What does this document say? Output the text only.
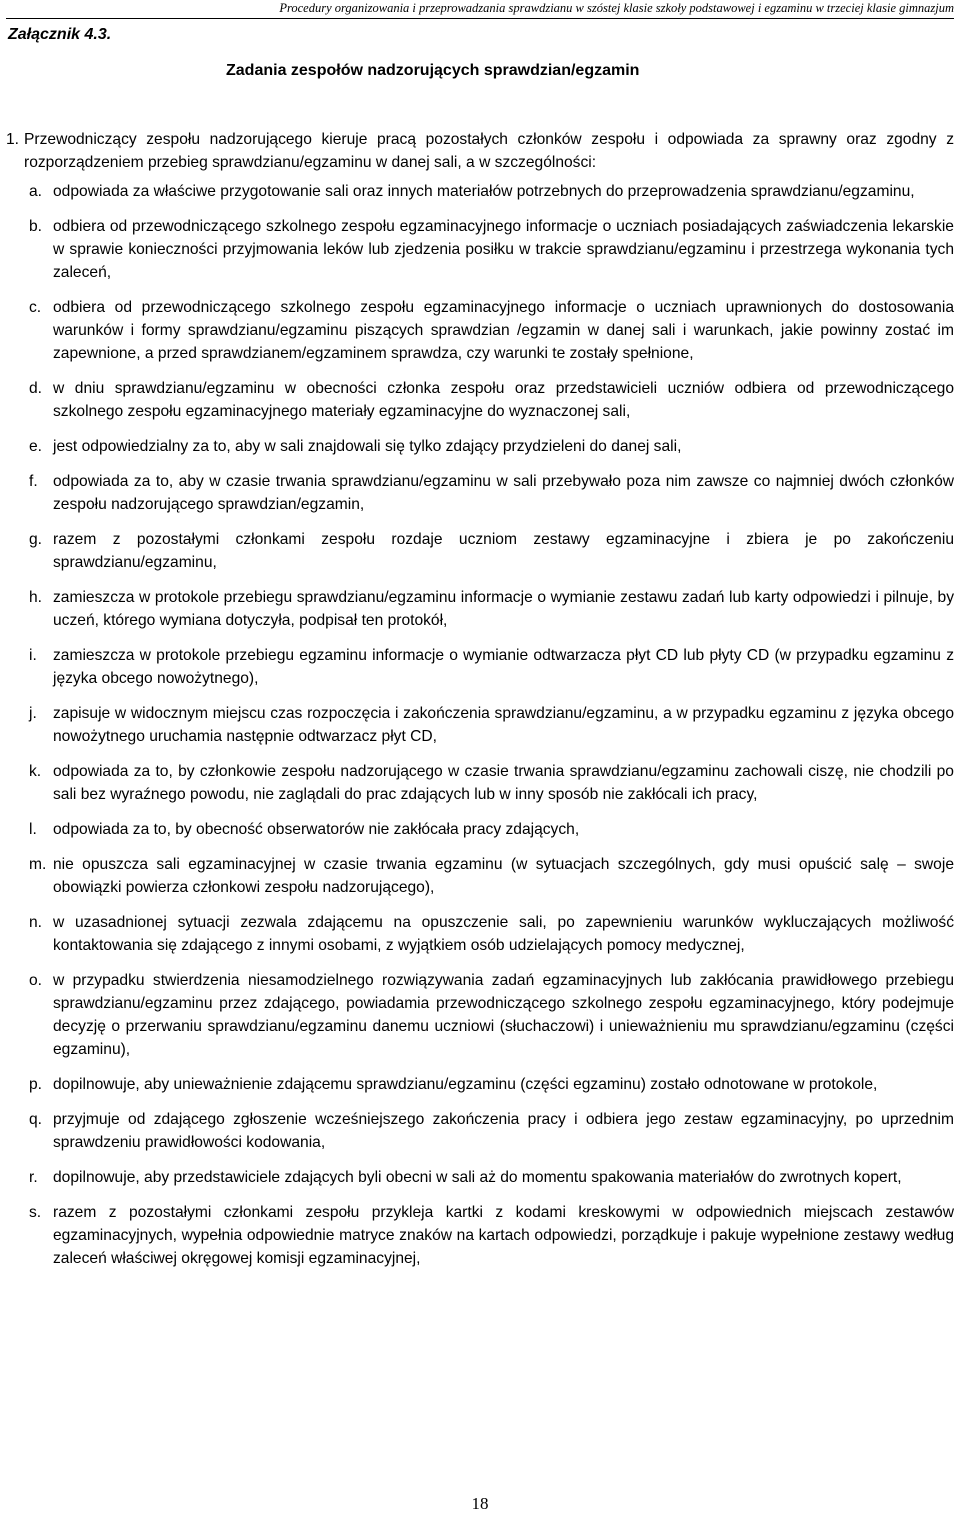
Procedury organizowania i przeprowadzania sprawdzianu w szóstej klasie szkoły podstawowej i egzaminu w trzeciej klasie gimnazjum
Załącznik 4.3.
Zadania zespołów nadzorujących sprawdzian/egzamin
1. Przewodniczący zespołu nadzorującego kieruje pracą pozostałych członków zespołu i odpowiada za sprawny oraz zgodny z rozporządzeniem przebieg sprawdzianu/egzaminu w danej sali, a w szczególności:
a. odpowiada za właściwe przygotowanie sali oraz innych materiałów potrzebnych do przeprowadzenia sprawdzianu/egzaminu,
b. odbiera od przewodniczącego szkolnego zespołu egzaminacyjnego informacje o uczniach posiadających zaświadczenia lekarskie w sprawie konieczności przyjmowania leków lub zjedzenia posiłku w trakcie sprawdzianu/egzaminu i przestrzega wykonania tych zaleceń,
c. odbiera od przewodniczącego szkolnego zespołu egzaminacyjnego informacje o uczniach uprawnionych do dostosowania warunków i formy sprawdzianu/egzaminu piszących sprawdzian /egzamin w danej sali i warunkach, jakie powinny zostać im zapewnione, a przed sprawdzianem/egzaminem sprawdza, czy warunki te zostały spełnione,
d. w dniu sprawdzianu/egzaminu w obecności członka zespołu oraz przedstawicieli uczniów odbiera od przewodniczącego szkolnego zespołu egzaminacyjnego materiały egzaminacyjne do wyznaczonej sali,
e. jest odpowiedzialny za to, aby w sali znajdowali się tylko zdający przydzieleni do danej sali,
f. odpowiada za to, aby w czasie trwania sprawdzianu/egzaminu w sali przebywało poza nim zawsze co najmniej dwóch członków zespołu nadzorującego sprawdzian/egzamin,
g. razem z pozostałymi członkami zespołu rozdaje uczniom zestawy egzaminacyjne i zbiera je po zakończeniu sprawdzianu/egzaminu,
h. zamieszcza w protokole przebiegu sprawdzianu/egzaminu informacje o wymianie zestawu zadań lub karty odpowiedzi i pilnuje, by uczeń, którego wymiana dotyczyła, podpisał ten protokół,
i. zamieszcza w protokole przebiegu egzaminu informacje o wymianie odtwarzacza płyt CD lub płyty CD (w przypadku egzaminu z języka obcego nowożytnego),
j. zapisuje w widocznym miejscu czas rozpoczęcia i zakończenia sprawdzianu/egzaminu, a w przypadku egzaminu z języka obcego nowożytnego uruchamia następnie odtwarzacz płyt CD,
k. odpowiada za to, by członkowie zespołu nadzorującego w czasie trwania sprawdzianu/egzaminu zachowali ciszę, nie chodzili po sali bez wyraźnego powodu, nie zaglądali do prac zdających lub w inny sposób nie zakłócali ich pracy,
l. odpowiada za to, by obecność obserwatorów nie zakłócała pracy zdających,
m. nie opuszcza sali egzaminacyjnej w czasie trwania egzaminu (w sytuacjach szczególnych, gdy musi opuścić salę – swoje obowiązki powierza członkowi zespołu nadzorującego),
n. w uzasadnionej sytuacji zezwala zdającemu na opuszczenie sali, po zapewnieniu warunków wykluczających możliwość kontaktowania się zdającego z innymi osobami, z wyjątkiem osób udzielających pomocy medycznej,
o. w przypadku stwierdzenia niesamodzielnego rozwiązywania zadań egzaminacyjnych lub zakłócania prawidłowego przebiegu sprawdzianu/egzaminu przez zdającego, powiadamia przewodniczącego szkolnego zespołu egzaminacyjnego, który podejmuje decyzję o przerwaniu sprawdzianu/egzaminu danemu uczniowi (słuchaczowi) i unieważnieniu mu sprawdzianu/egzaminu (części egzaminu),
p. dopilnowuje, aby unieważnienie zdającemu sprawdzianu/egzaminu (części egzaminu) zostało odnotowane w protokole,
q. przyjmuje od zdającego zgłoszenie wcześniejszego zakończenia pracy i odbiera jego zestaw egzaminacyjny, po uprzednim sprawdzeniu prawidłowości kodowania,
r. dopilnowuje, aby przedstawiciele zdających byli obecni w sali aż do momentu spakowania materiałów do zwrotnych kopert,
s. razem z pozostałymi członkami zespołu przykleja kartki z kodami kreskowymi w odpowiednich miejscach zestawów egzaminacyjnych, wypełnia odpowiednie matryce znaków na kartach odpowiedzi, porządkuje i pakuje wypełnione zestawy według zaleceń właściwej okręgowej komisji egzaminacyjnej,
18
